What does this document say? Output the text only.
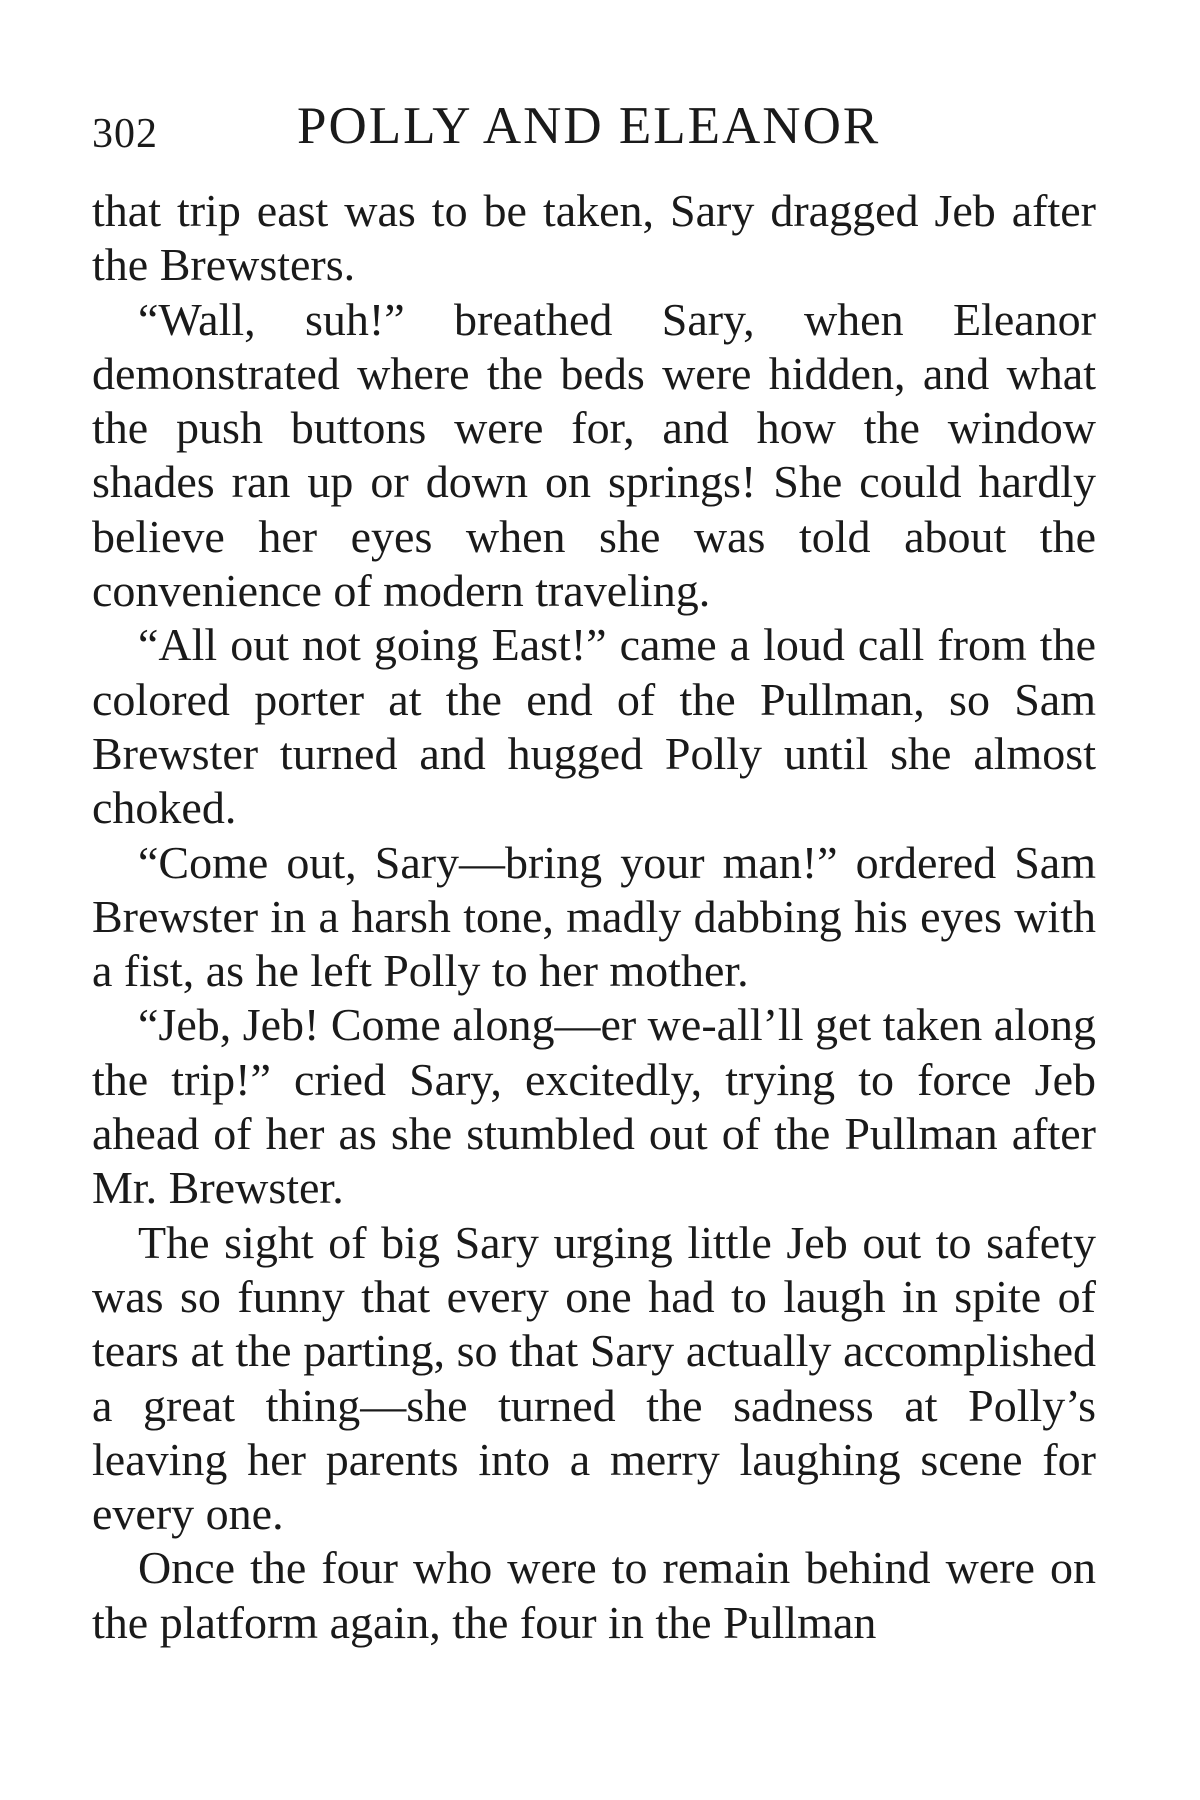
302	POLLY AND ELEANOR

that trip east was to be taken, Sary dragged Jeb after the Brewsters.

“Wall, suh!” breathed Sary, when Eleanor demonstrated where the beds were hidden, and what the push buttons were for, and how the window shades ran up or down on springs! She could hardly believe her eyes when she was told about the convenience of modern traveling.

“All out not going East!” came a loud call from the colored porter at the end of the Pullman, so Sam Brewster turned and hugged Polly until she almost choked.

“Come out, Sary—bring your man!” ordered Sam Brewster in a harsh tone, madly dabbing his eyes with a fist, as he left Polly to her mother.

“Jeb, Jeb! Come along—er we-all’ll get taken along the trip!” cried Sary, excitedly, trying to force Jeb ahead of her as she stumbled out of the Pullman after Mr. Brewster.

The sight of big Sary urging little Jeb out to safety was so funny that every one had to laugh in spite of tears at the parting, so that Sary actually accomplished a great thing—she turned the sadness at Polly’s leaving her parents into a merry laughing scene for every one.

Once the four who were to remain behind were on the platform again, the four in the Pullman
